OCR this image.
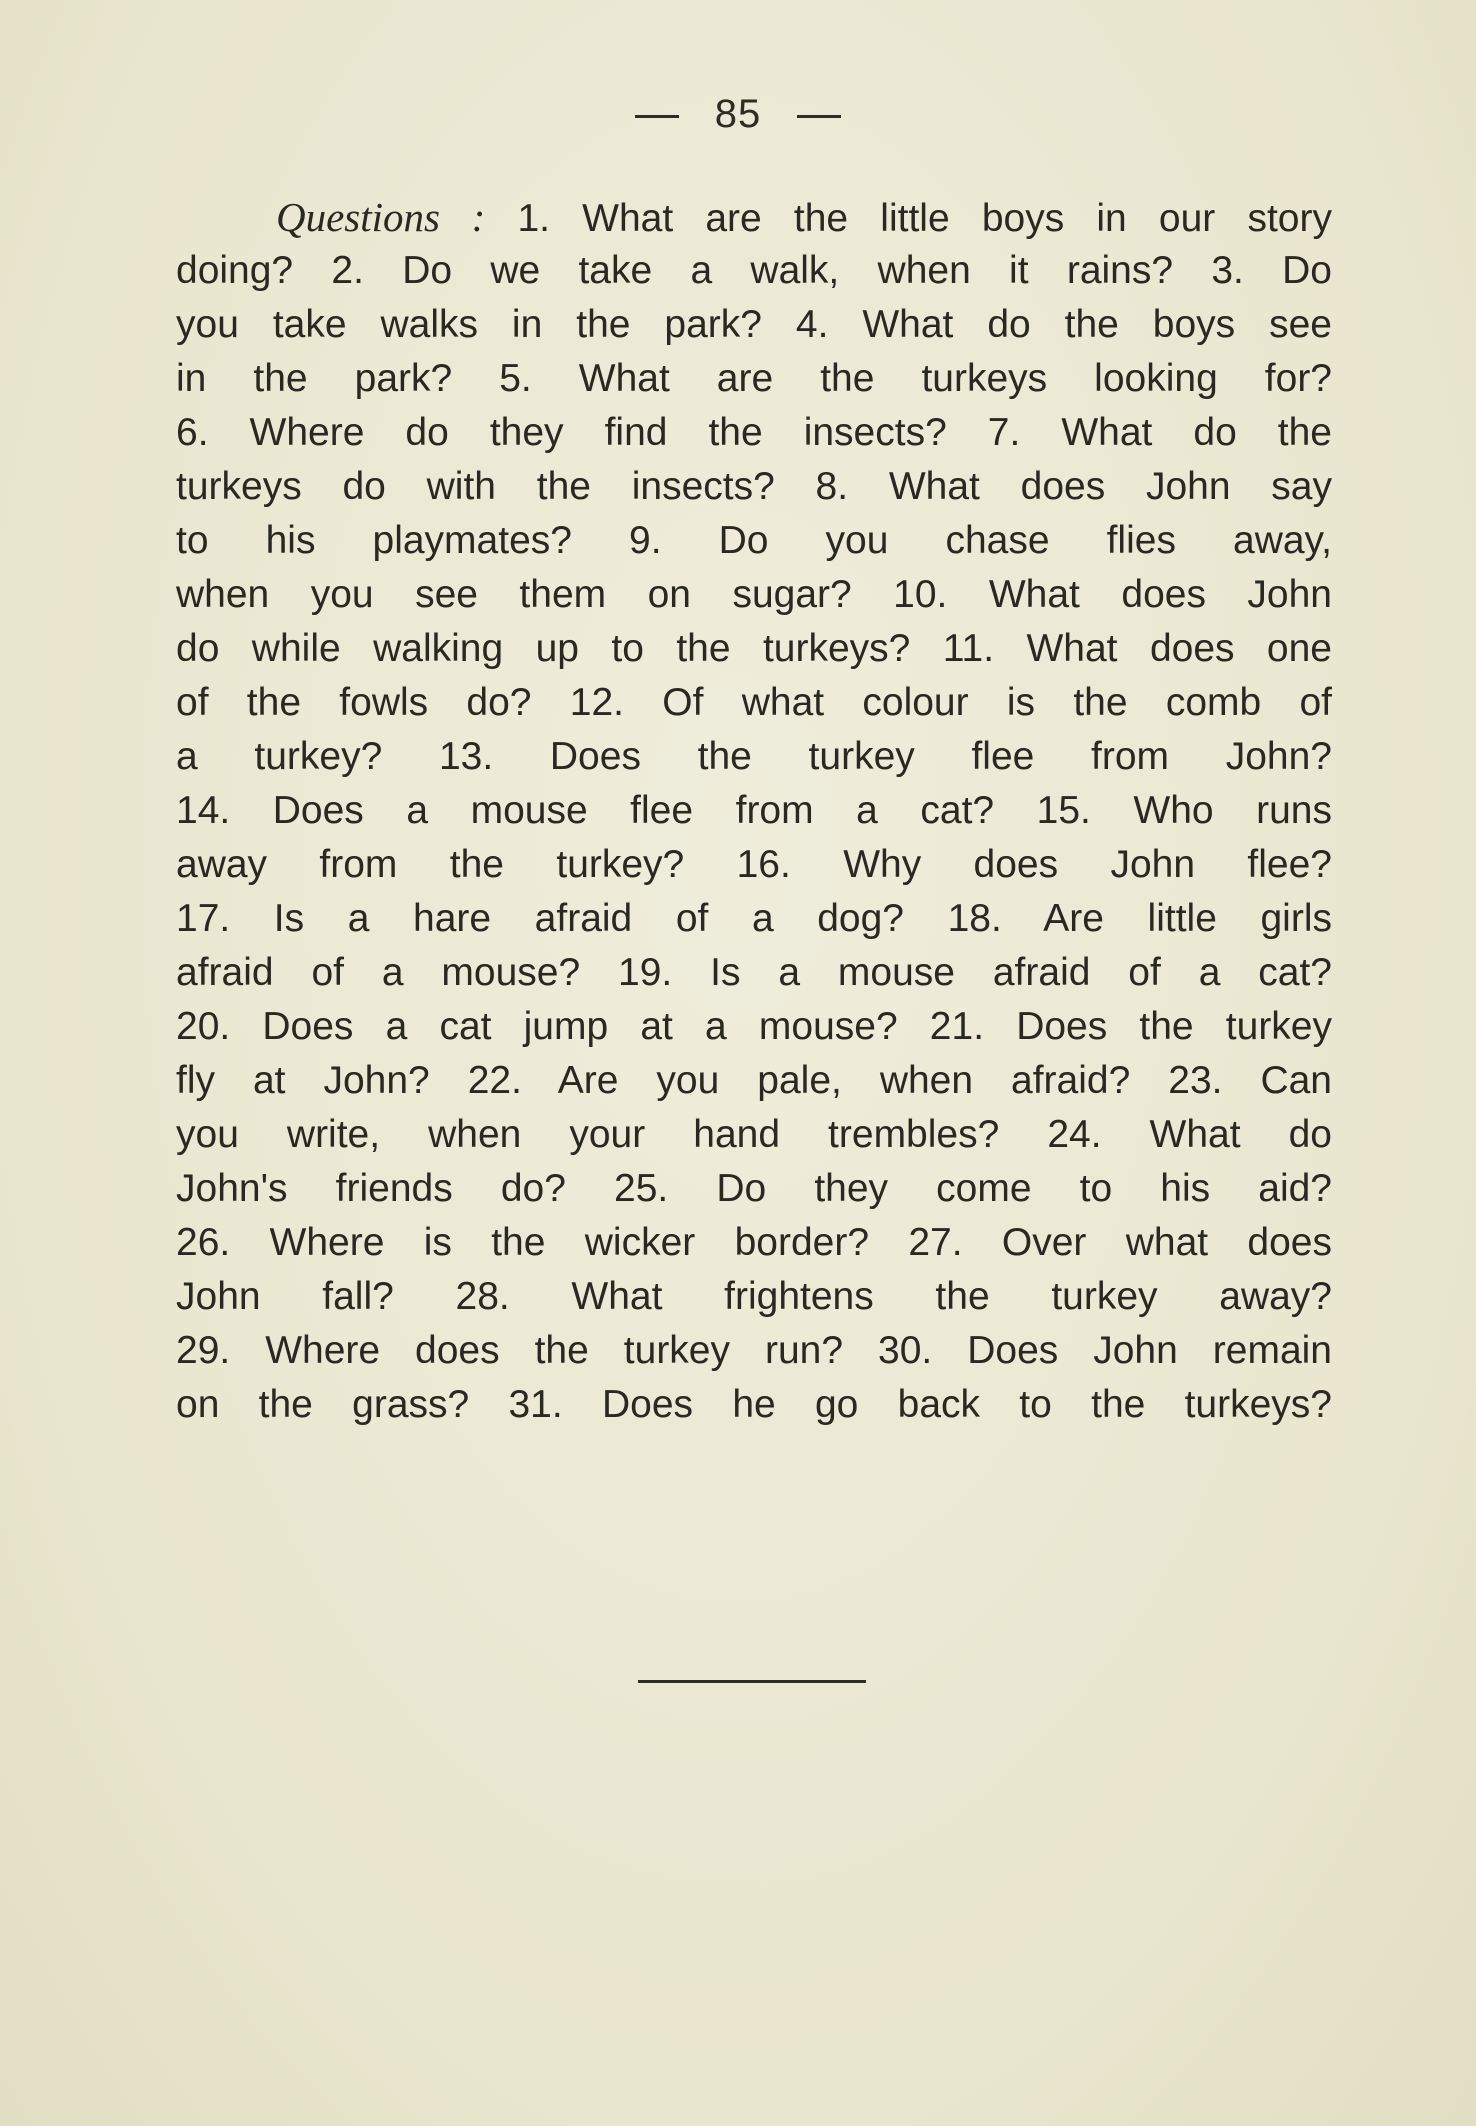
85
Questions : 1. What are the little boys in our story
doing? 2. Do we take a walk, when it rains? 3. Do
you take walks in the park? 4. What do the boys see
in the park? 5. What are the turkeys looking for?
6. Where do they find the insects? 7. What do the
turkeys do with the insects? 8. What does John say
to his playmates? 9. Do you chase flies away,
when you see them on sugar? 10. What does John
do while walking up to the turkeys? 11. What does one
of the fowls do? 12. Of what colour is the comb of
a turkey? 13. Does the turkey flee from John?
14. Does a mouse flee from a cat? 15. Who runs
away from the turkey? 16. Why does John flee?
17. Is a hare afraid of a dog? 18. Are little girls
afraid of a mouse? 19. Is a mouse afraid of a cat?
20. Does a cat jump at a mouse? 21. Does the turkey
fly at John? 22. Are you pale, when afraid? 23. Can
you write, when your hand trembles? 24. What do
John's friends do? 25. Do they come to his aid?
26. Where is the wicker border? 27. Over what does
John fall? 28. What frightens the turkey away?
29. Where does the turkey run? 30. Does John remain
on the grass? 31. Does he go back to the turkeys?
